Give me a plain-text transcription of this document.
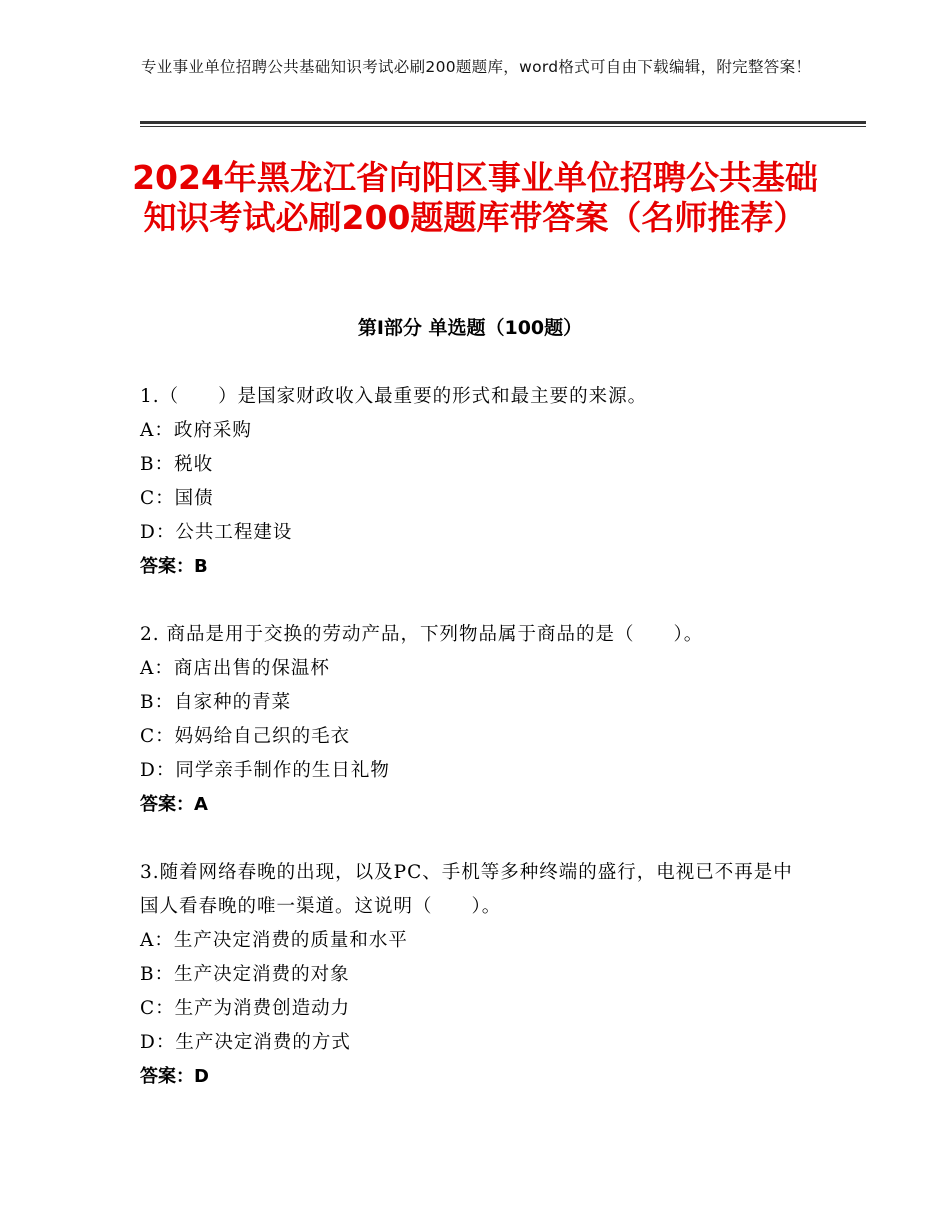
专业事业单位招聘公共基础知识考试必刷200题题库，word格式可自由下载编辑，附完整答案！
2024年黑龙江省向阳区事业单位招聘公共基础知识考试必刷200题题库带答案（名师推荐）
第I部分 单选题（100题）
1.（　　）是国家财政收入最重要的形式和最主要的来源。
A：政府采购
B：税收
C：国债
D：公共工程建设
答案：B
2. 商品是用于交换的劳动产品，下列物品属于商品的是（　　）。
A：商店出售的保温杯
B：自家种的青菜
C：妈妈给自己织的毛衣
D：同学亲手制作的生日礼物
答案：A
3.随着网络春晚的出现，以及PC、手机等多种终端的盛行，电视已不再是中国人看春晚的唯一渠道。这说明（　　）。
A：生产决定消费的质量和水平
B：生产决定消费的对象
C：生产为消费创造动力
D：生产决定消费的方式
答案：D
